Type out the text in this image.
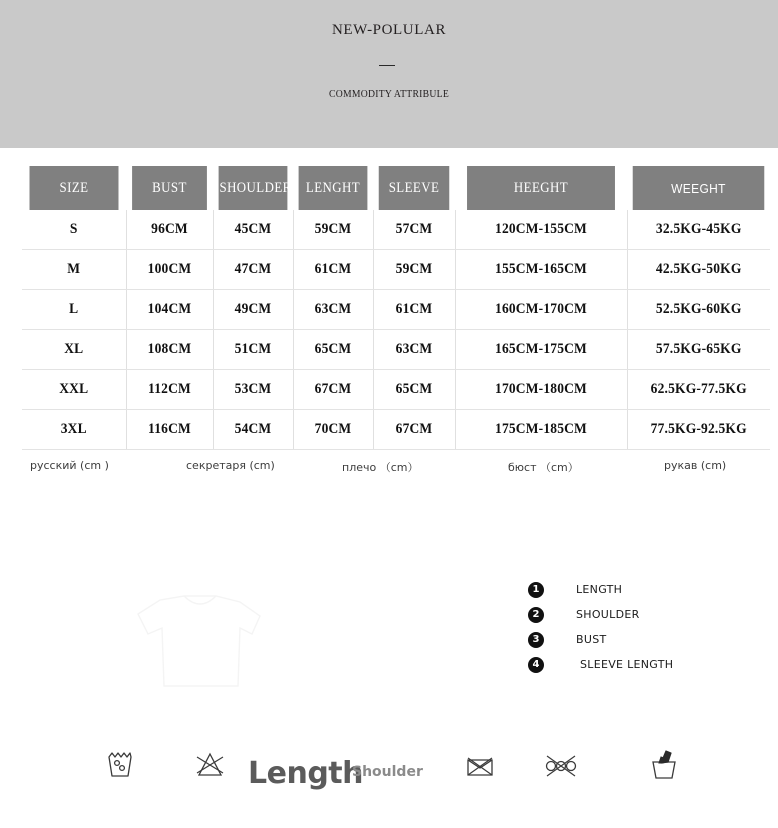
NEW-POLULAR
COMMODITY ATTRIBULE
SIZE	BUST	SHOULDER	LENGHT	SLEEVE	HEEGHT	WEEGHT
S	96CM	45CM	59CM	57CM	120CM-155CM	32.5KG-45KG
M	100CM	47CM	61CM	59CM	155CM-165CM	42.5KG-50KG
L	104CM	49CM	63CM	61CM	160CM-170CM	52.5KG-60KG
XL	108CM	51CM	65CM	63CM	165CM-175CM	57.5KG-65KG
XXL	112CM	53CM	67CM	65CM	170CM-180CM	62.5KG-77.5KG
3XL	116CM	54CM	70CM	67CM	175CM-185CM	77.5KG-92.5KG
русский (cm )	секретаря (cm)	плечо （cm）	бюст （cm）	рукав (cm)
1	LENGTH
2	SHOULDER
3	BUST
4	SLEEVE LENGTH
Length
Shoulder
